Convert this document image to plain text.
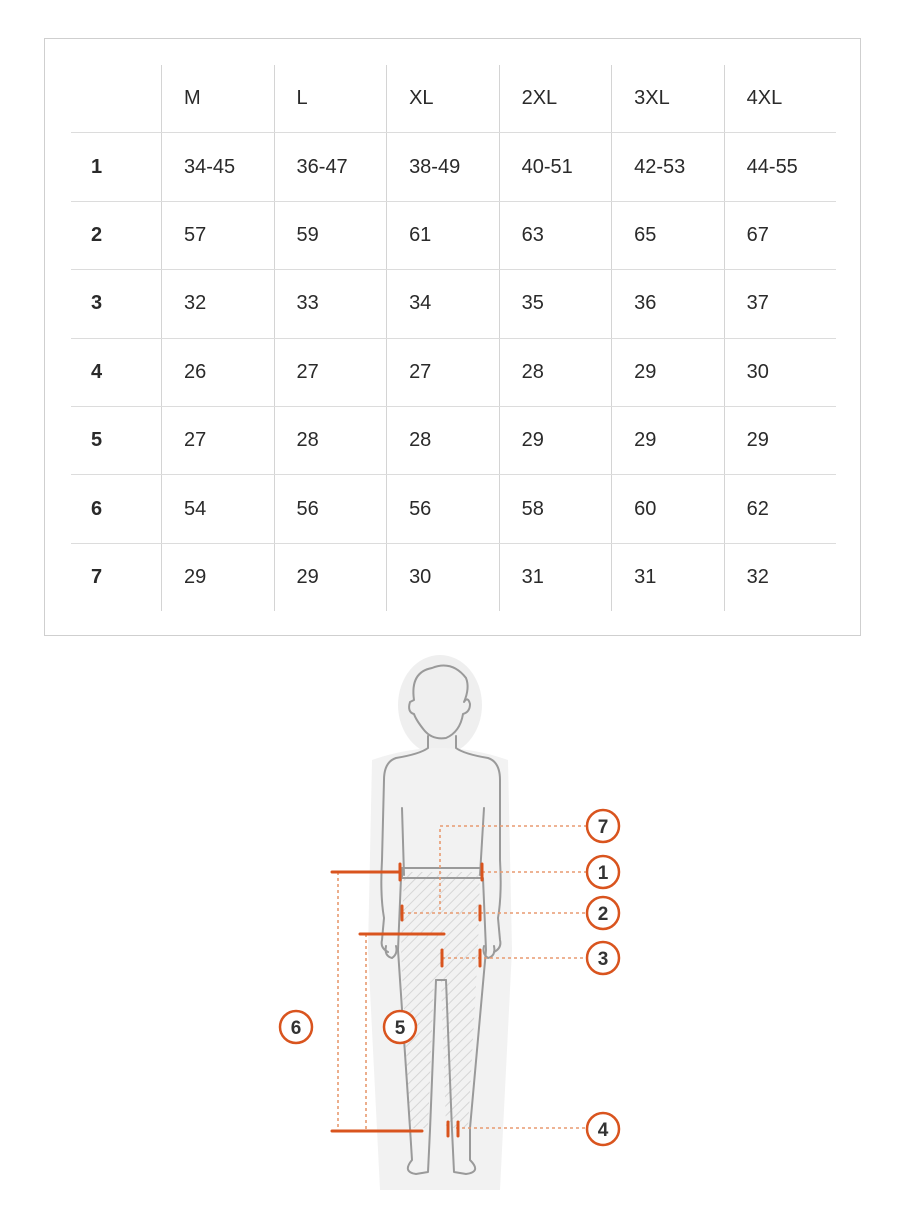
	M	L	XL	2XL	3XL	4XL
1	34-45	36-47	38-49	40-51	42-53	44-55
2	57	59	61	63	65	67
3	32	33	34	35	36	37
4	26	27	27	28	29	30
5	27	28	28	29	29	29
6	54	56	56	58	60	62
7	29	29	30	31	31	32
7
1
2
3
6	5
4
